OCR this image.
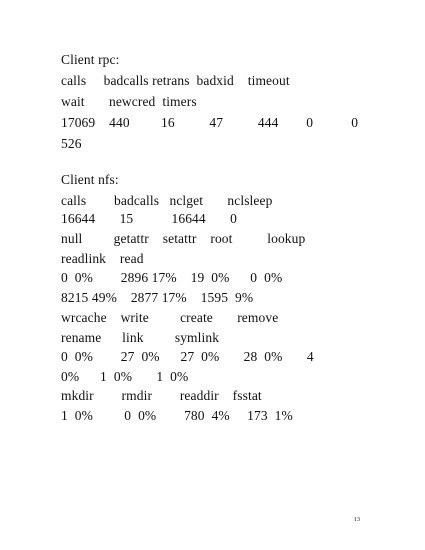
Client rpc:
calls     badcalls retrans  badxid    timeout
wait       newcred  timers
17069    440         16          47          444        0           0
526
Client nfs:
calls        badcalls   nclget       nclsleep
16644       15           16644       0
null         getattr    setattr    root          lookup
readlink    read
0  0%        2896 17%    19  0%      0  0%
8215 49%    2877 17%    1595  9%
wrcache    write         create       remove
rename      link         symlink
0  0%        27  0%      27  0%       28  0%       4
0%      1  0%       1  0%
mkdir        rmdir        readdir    fsstat
1  0%         0  0%        780  4%     173  1%
13
